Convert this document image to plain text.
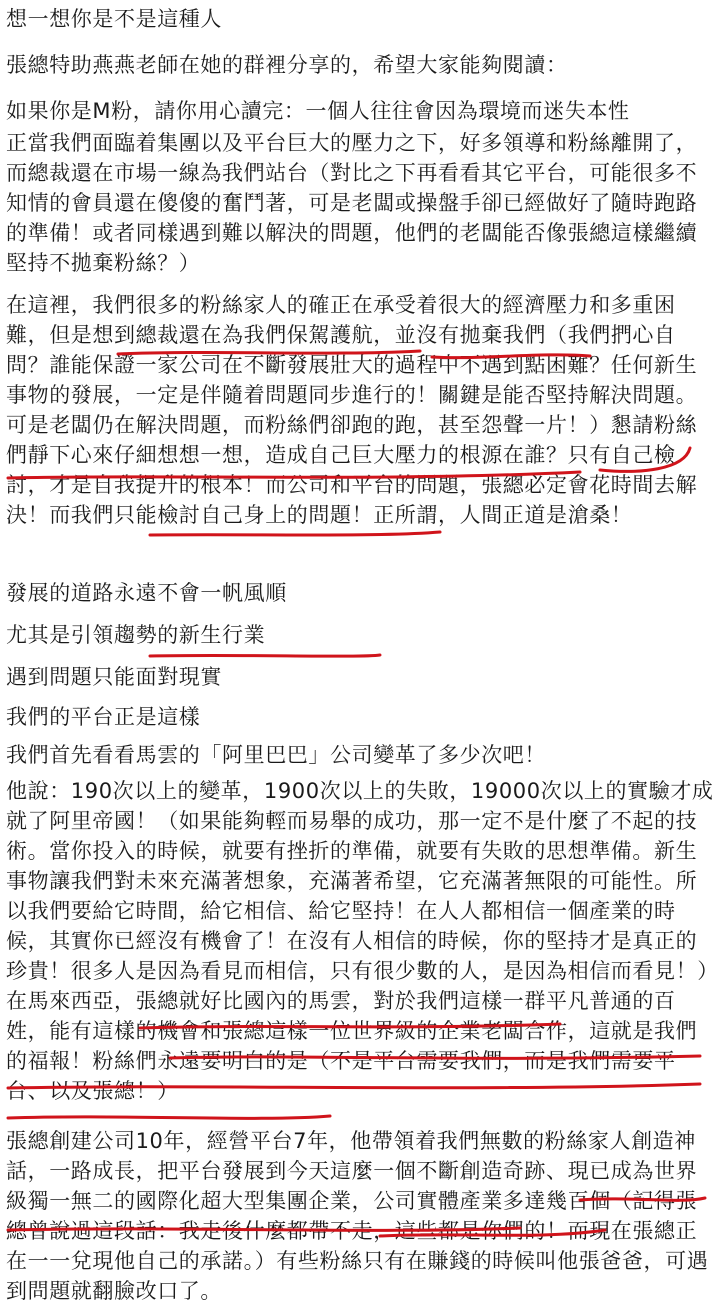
想一想你是不是這種人
張總特助燕燕老師在她的群裡分享的，希望大家能夠閱讀：
如果你是M粉，請你用心讀完：一個人往往會因為環境而迷失本性
正當我們面臨着集團以及平台巨大的壓力之下，好多領導和粉絲離開了，而總裁還在市場一線為我們站台（對比之下再看看其它平台，可能很多不知情的會員還在傻傻的奮鬥著，可是老闆或操盤手卻已經做好了隨時跑路的準備！或者同樣遇到難以解決的問題，他們的老闆能否像張總這樣繼續堅持不拋棄粉絲？）
在這裡，我們很多的粉絲家人的確正在承受着很大的經濟壓力和多重困難，但是想到總裁還在為我們保駕護航，並沒有拋棄我們（我們捫心自問？誰能保證一家公司在不斷發展壯大的過程中不遇到點困難？任何新生事物的發展，一定是伴隨着問題同步進行的！關鍵是能否堅持解決問題。可是老闆仍在解決問題，而粉絲們卻跑的跑，甚至怨聲一片！）懇請粉絲們靜下心來仔細想想一想，造成自己巨大壓力的根源在誰？只有自己檢討，才是自我提升的根本！而公司和平台的問題，張總必定會花時間去解決！而我們只能檢討自己身上的問題！正所謂，人間正道是滄桑！
發展的道路永遠不會一帆風順
尤其是引領趨勢的新生行業
遇到問題只能面對現實
我們的平台正是這樣
我們首先看看馬雲的「阿里巴巴」公司變革了多少次吧！
他說：190次以上的變革，1900次以上的失敗，19000次以上的實驗才成就了阿里帝國！（如果能夠輕而易舉的成功，那一定不是什麼了不起的技術。當你投入的時候，就要有挫折的準備，就要有失敗的思想準備。新生事物讓我們對未來充滿著想象，充滿著希望，它充滿著無限的可能性。所以我們要給它時間，給它相信、給它堅持！在人人都相信一個產業的時候，其實你已經沒有機會了！在沒有人相信的時候，你的堅持才是真正的珍貴！很多人是因為看見而相信，只有很少數的人，是因為相信而看見！）在馬來西亞，張總就好比國內的馬雲，對於我們這樣一群平凡普通的百姓，能有這樣的機會和張總這樣一位世界級的企業老闆合作，這就是我們的福報！粉絲們永遠要明白的是（不是平台需要我們，而是我們需要平台、以及張總！）
張總創建公司10年，經營平台7年，他帶領着我們無數的粉絲家人創造神話，一路成長，把平台發展到今天這麼一個不斷創造奇跡、現已成為世界級獨一無二的國際化超大型集團企業，公司實體產業多達幾百個（記得張總曾說過這段話：我走後什麼都帶不走，這些都是你們的！而現在張總正在一一兌現他自己的承諾。）有些粉絲只有在賺錢的時候叫他張爸爸，可遇到問題就翻臉改口了。
